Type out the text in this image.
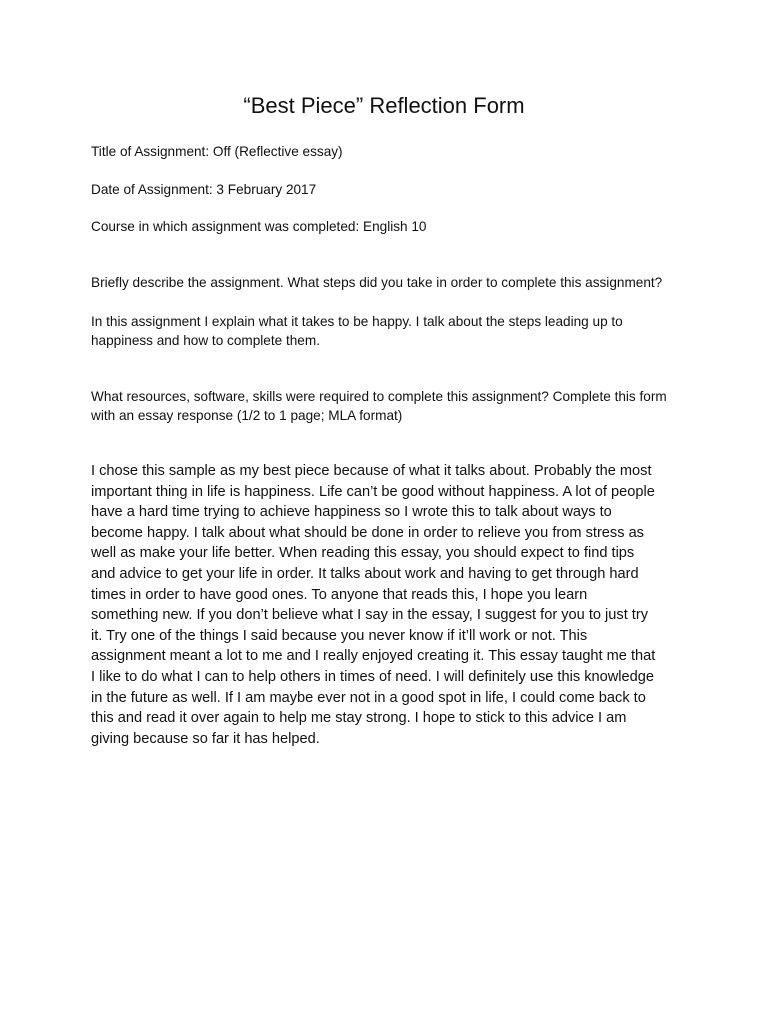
“Best Piece” Reflection Form

Title of Assignment: Off (Reflective essay)

Date of Assignment: 3 February 2017

Course in which assignment was completed: English 10

Briefly describe the assignment. What steps did you take in order to complete this assignment?

In this assignment I explain what it takes to be happy. I talk about the steps leading up to

happiness and how to complete them.

What resources, software, skills were required to complete this assignment? Complete this form

with an essay response (1/2 to 1 page; MLA format)

I chose this sample as my best piece because of what it talks about. Probably the most

important thing in life is happiness. Life can’t be good without happiness. A lot of people

have a hard time trying to achieve happiness so I wrote this to talk about ways to

become happy. I talk about what should be done in order to relieve you from stress as

well as make your life better. When reading this essay, you should expect to find tips

and advice to get your life in order. It talks about work and having to get through hard

times in order to have good ones. To anyone that reads this, I hope you learn

something new. If you don’t believe what I say in the essay, I suggest for you to just try

it. Try one of the things I said because you never know if it’ll work or not. This

assignment meant a lot to me and I really enjoyed creating it. This essay taught me that

I like to do what I can to help others in times of need. I will definitely use this knowledge

in the future as well. If I am maybe ever not in a good spot in life, I could come back to

this and read it over again to help me stay strong. I hope to stick to this advice I am

giving because so far it has helped.
